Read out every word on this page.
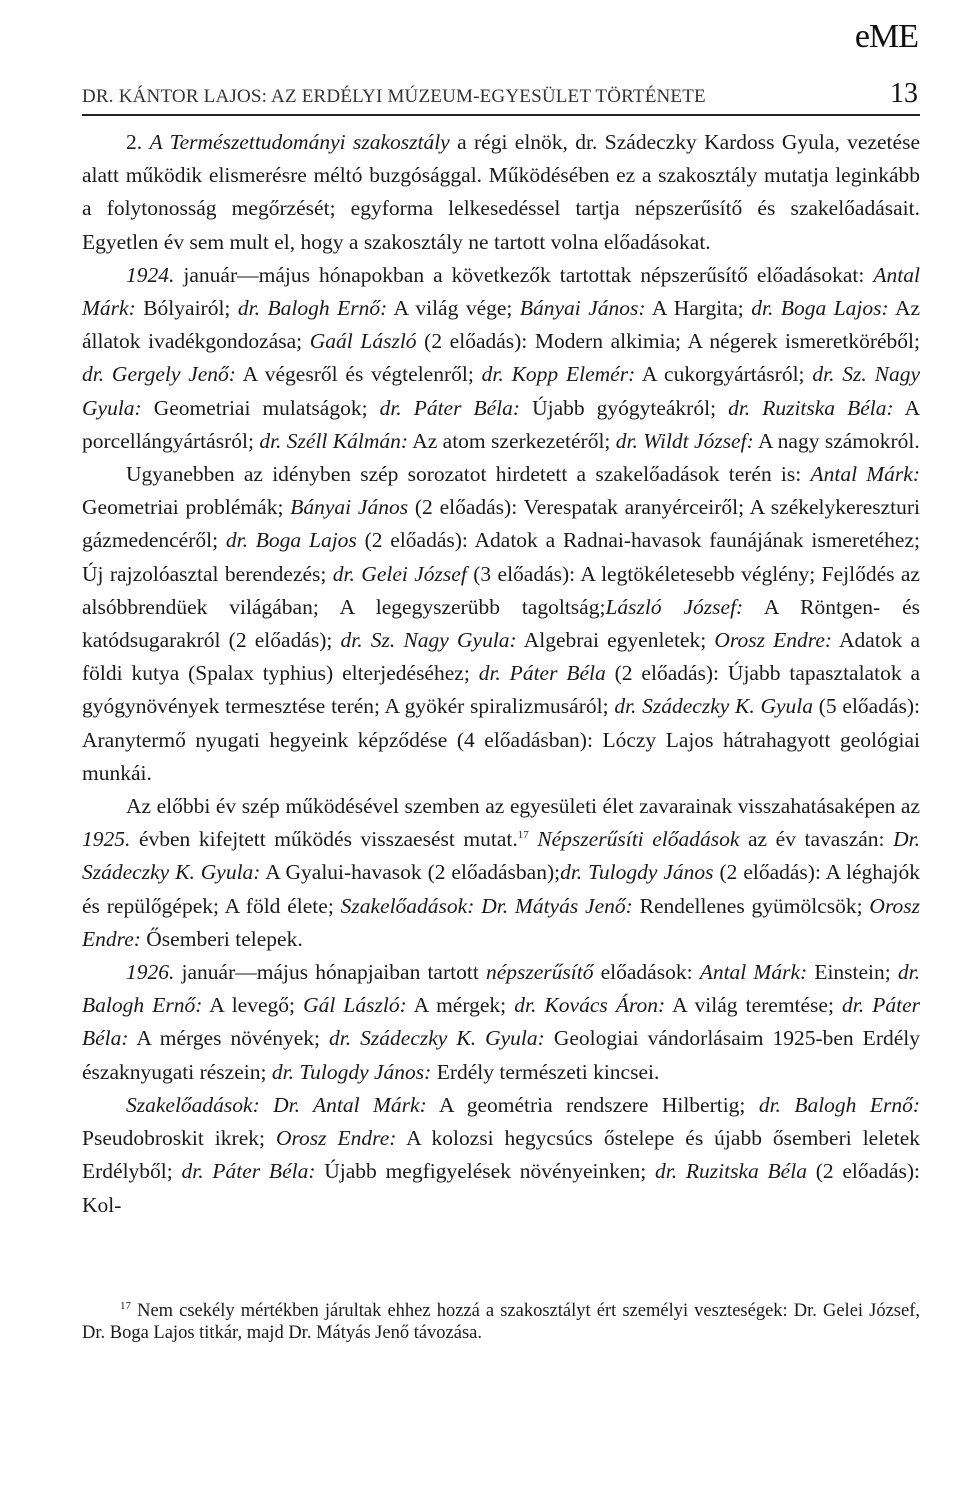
eME
DR. KÁNTOR LAJOS: AZ ERDÉLYI MÚZEUM-EGYESÜLET TÖRTÉNETE	13

2. A Természettudományi szakosztály a régi elnök, dr. Szádeczky Kardoss Gyula, vezetése alatt működik elismerésre méltó buzgósággal. Működésében ez a szakosztály mutatja leginkább a folytonosság megőrzését; egyforma lelkesedéssel tartja népszerűsítő és szakelőadásait. Egyetlen év sem mult el, hogy a szakosztály ne tartott volna előadásokat.

1924. január—május hónapokban a következők tartottak népszerűsítő előadásokat: Antal Márk: Bólyairól; dr. Balogh Ernő: A világ vége; Bányai János: A Hargita; dr. Boga Lajos: Az állatok ivadékgondozása; Gaál László (2 előadás): Modern alkimia; A négerek ismeretköréből; dr. Gergely Jenő: A végesről és végtelenről; dr. Kopp Elemér: A cukorgyártásról; dr. Sz. Nagy Gyula: Geometriai mulatságok; dr. Páter Béla: Újabb gyógyteákról; dr. Ruzitska Béla: A porcellángyártásról; dr. Széll Kálmán: Az atom szerkezetéről; dr. Wildt József: A nagy számokról.

Ugyanebben az idényben szép sorozatot hirdetett a szakelőadások terén is: Antal Márk: Geometriai problémák; Bányai János (2 előadás): Verespatak aranyérceiről; A székelykereszturi gázmedencéről; dr. Boga Lajos (2 előadás): Adatok a Radnai-havasok faunájának ismeretéhez; Új rajzolóasztal berendezés; dr. Gelei József (3 előadás): A legtökéletesebb véglény; Fejlődés az alsóbbrendüek világában; A legegyszerübb tagoltság;László József: A Röntgen- és katódsugarakról (2 előadás); dr. Sz. Nagy Gyula: Algebrai egyenletek; Orosz Endre: Adatok a földi kutya (Spalax typhius) elterjedéséhez; dr. Páter Béla (2 előadás): Újabb tapasztalatok a gyógynövények termesztése terén; A gyökér spiralizmusáról; dr. Szádeczky K. Gyula (5 előadás): Aranytermő nyugati hegyeink képződése (4 előadásban): Lóczy Lajos hátrahagyott geológiai munkái.

Az előbbi év szép működésével szemben az egyesületi élet zavarainak visszahatásaképen az 1925. évben kifejtett működés visszaesést mutat.$^{17}$ Népszerűsíti előadások az év tavaszán: Dr. Szádeczky K. Gyula: A Gyalui-havasok (2 előadásban);dr. Tulogdy János (2 előadás): A léghajók és repülőgépek; A föld élete; Szakelőadások: Dr. Mátyás Jenő: Rendellenes gyümölcsök; Orosz Endre: Ősemberi telepek.

1926. január—május hónapjaiban tartott népszerűsítő előadások: Antal Márk: Einstein; dr. Balogh Ernő: A levegő; Gál László: A mérgek; dr. Kovács Áron: A világ teremtése; dr. Páter Béla: A mérges növények; dr. Szádeczky K. Gyula: Geologiai vándorlásaim 1925-ben Erdély északnyugati részein; dr. Tulogdy János: Erdély természeti kincsei.

Szakelőadások: Dr. Antal Márk: A geométria rendszere Hilbertig; dr. Balogh Ernő: Pseudobroskit ikrek; Orosz Endre: A kolozsi hegycsúcs őstelepe és újabb ősemberi leletek Erdélyből; dr. Páter Béla: Újabb megfigyelések növényeinken; dr. Ruzitska Béla (2 előadás): Kol-

$^{17}$ Nem csekély mértékben járultak ehhez hozzá a szakosztályt ért személyi veszteségek: Dr. Gelei József, Dr. Boga Lajos titkár, majd Dr. Mátyás Jenő távozása.
